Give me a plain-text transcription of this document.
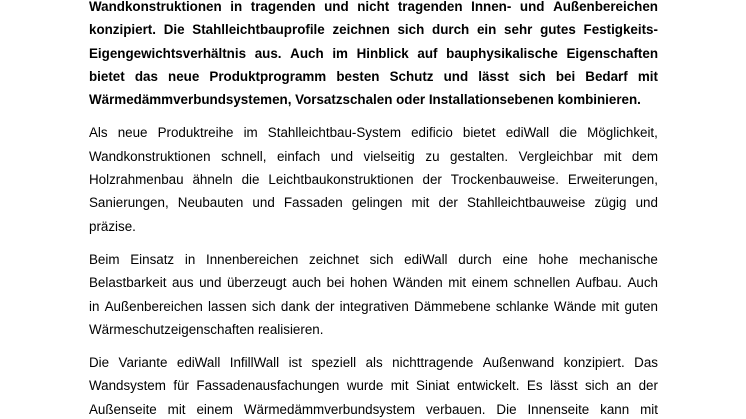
Wandkonstruktionen in tragenden und nicht tragenden Innen- und Außenbereichen
konzipiert. Die Stahlleichtbauprofile zeichnen sich durch ein sehr gutes Festigkeits-
Eigengewichtsverhältnis aus. Auch im Hinblick auf bauphysikalische Eigenschaften
bietet das neue Produktprogramm besten Schutz und lässt sich bei Bedarf mit
Wärmedämmverbundsystemen, Vorsatzschalen oder Installationsebenen kombinieren.
Als neue Produktreihe im Stahlleichtbau-System edificio bietet ediWall die Möglichkeit,
Wandkonstruktionen schnell, einfach und vielseitig zu gestalten. Vergleichbar mit dem
Holzrahmenbau ähneln die Leichtbaukonstruktionen der Trockenbauweise. Erweiterungen,
Sanierungen, Neubauten und Fassaden gelingen mit der Stahlleichtbauweise zügig und
präzise.
Beim Einsatz in Innenbereichen zeichnet sich ediWall durch eine hohe mechanische
Belastbarkeit aus und überzeugt auch bei hohen Wänden mit einem schnellen Aufbau. Auch
in Außenbereichen lassen sich dank der integrativen Dämmebene schlanke Wände mit guten
Wärmeschutzeigenschaften realisieren.
Die Variante ediWall InfillWall ist speziell als nichttragende Außenwand konzipiert. Das
Wandsystem für Fassadenausfachungen wurde mit Siniat entwickelt. Es lässt sich an der
Außenseite mit einem Wärmedämmverbundsystem verbauen. Die Innenseite kann mit
